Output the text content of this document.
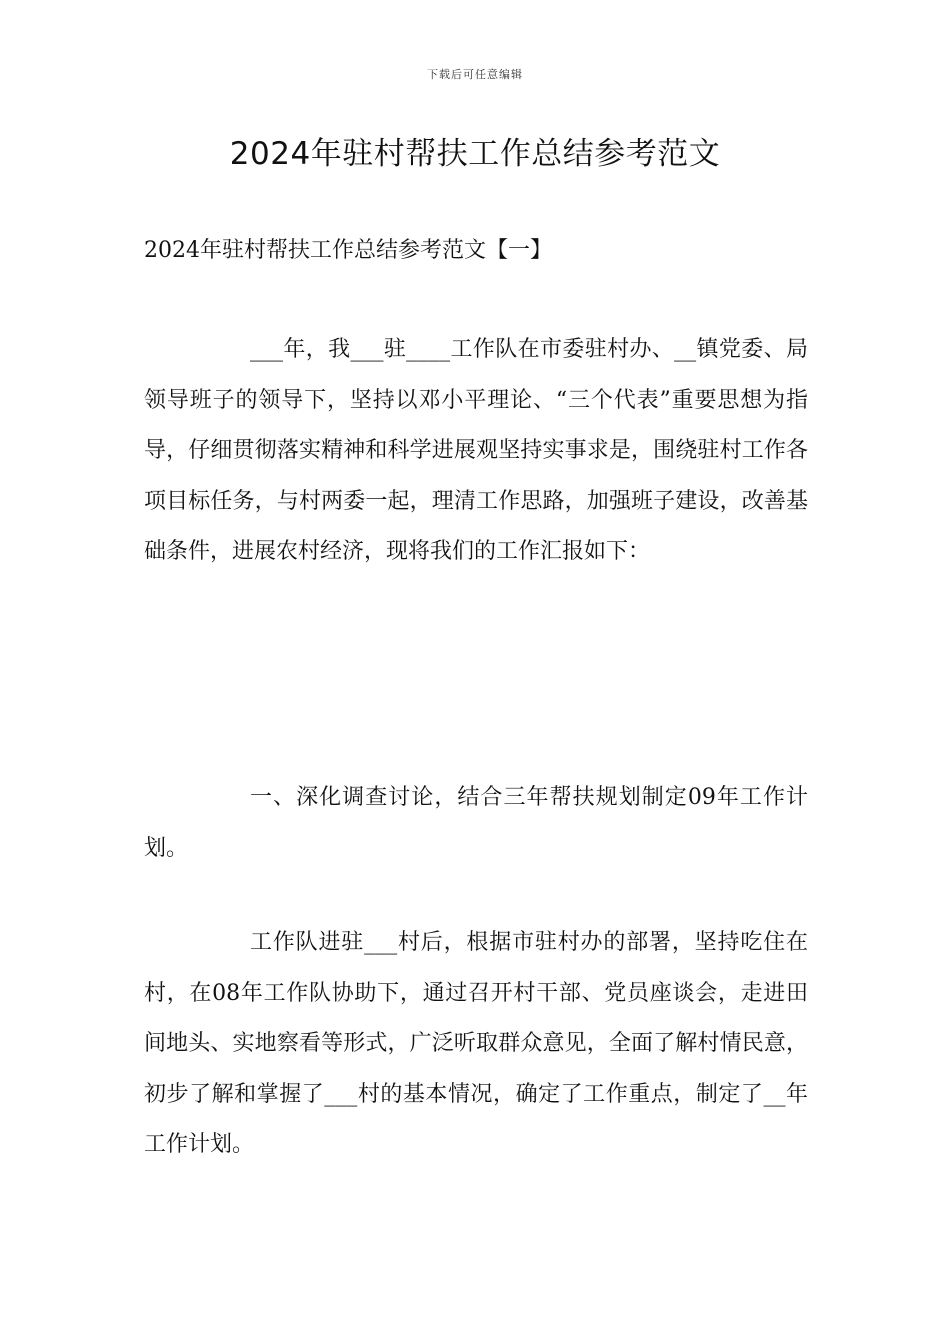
下载后可任意编辑
2024年驻村帮扶工作总结参考范文

2024年驻村帮扶工作总结参考范文【一】

___年，我___驻____工作队在市委驻村办、__镇党委、局领导班子的领导下，坚持以邓小平理论、“三个代表”重要思想为指导，仔细贯彻落实精神和科学进展观坚持实事求是，围绕驻村工作各项目标任务，与村两委一起，理清工作思路，加强班子建设，改善基础条件，进展农村经济，现将我们的工作汇报如下：

一、深化调查讨论，结合三年帮扶规划制定09年工作计划。

工作队进驻___村后，根据市驻村办的部署，坚持吃住在村，在08年工作队协助下，通过召开村干部、党员座谈会，走进田间地头、实地察看等形式，广泛听取群众意见，全面了解村情民意，初步了解和掌握了___村的基本情况，确定了工作重点，制定了__年工作计划。
